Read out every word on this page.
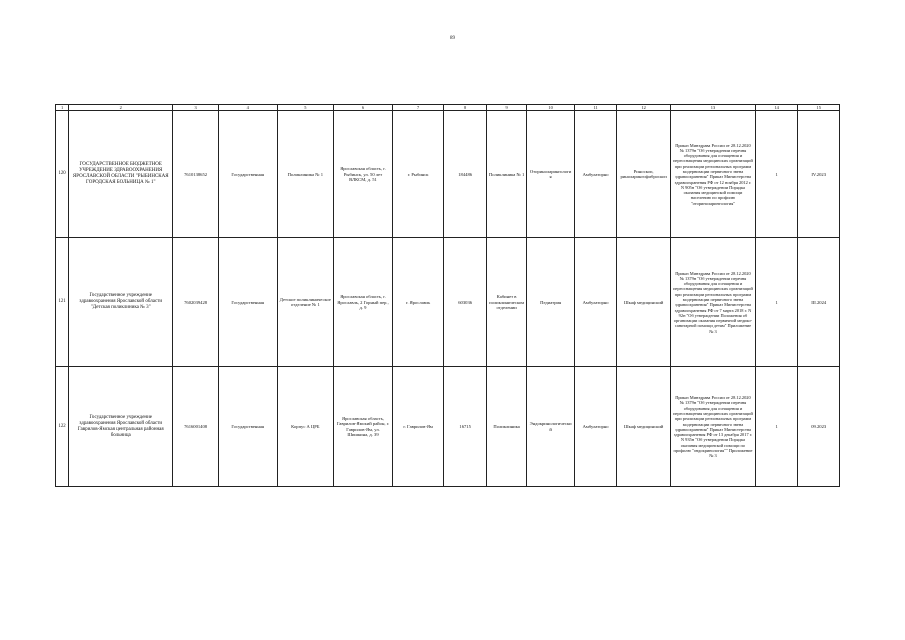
89
1	2	3	4	5	6	7	8	9	10	11	12	13	14	15
120	ГОСУДАРСТВЕННОЕ БЮДЖЕТНОЕ УЧРЕЖДЕНИЕ ЗДРАВООХРАНЕНИЯ ЯРОСЛАВСКОЙ ОБЛАСТИ "РЫБИНСКАЯ ГОРОДСКАЯ БОЛЬНИЦА № 1"	7610138652	Государственная	Поликлиника № 1	Ярославская область, г. Рыбинск, ул. 50 лет ВЛКСМ, д. 51	г. Рыбинск	184486	Поликлиника № 1	Оториноларингология	Амбулаторно	Риноскоп, риноларингофиброскоп	Приказ Минздрава России от 28.12.2020 № 1379н "Об утверждении перечня оборудования для оснащения и переоснащения медицинских организаций при реализации региональных программ модернизации первичного звена здравоохранения" Приказ Министерства здравоохранения РФ от 12 ноября 2012 г. N 905н "Об утверждении Порядка оказания медицинской помощи населению по профилю "оториноларингология"	1	IV.2023
121	Государственное учреждение здравоохранения Ярославской области "Детская поликлиника № 3"	7602039428	Государственная	Детское поликлиническое отделение № 1	Ярославская область, г. Ярославль, 2 Горный пер., д. 9	г. Ярославль	603036	Кабинет в поликлиническом отделении	Педиатрия	Амбулаторно	Шкаф медицинский	Приказ Минздрава России от 28.12.2020 № 1379н "Об утверждении перечня оборудования для оснащения и переоснащения медицинских организаций при реализации региональных программ модернизации первичного звена здравоохранения" Приказ Министерства здравоохранения РФ от 7 марта 2018 г. N 92н "Об утверждении Положения об организации оказания первичной медико-санитарной помощи детям" Приложение № 3	1	III.2024
122	Государственное учреждение здравоохранения Ярославской области Гаврилов-Ямская центральная районная больница	7616001408	Государственная	Корпус А ЦРБ	Ярославская область, Гаврилов-Ямский район, г. Гаврилов-Ям, ул. Шишкина, д. 39	г. Гаврилов-Ям	16715	Поликлиника	Эндокринологический	Амбулаторно	Шкаф медицинский	Приказ Минздрава России от 28.12.2020 № 1379н "Об утверждении перечня оборудования для оснащения и переоснащения медицинских организаций при реализации региональных программ модернизации первичного звена здравоохранения" Приказ Министерства здравоохранения РФ от 13 декабря 2017 г. N 935н "Об утверждении Порядка оказания медицинской помощи по профилю "эндокринология"" Приложение № 3	1	09.2023
